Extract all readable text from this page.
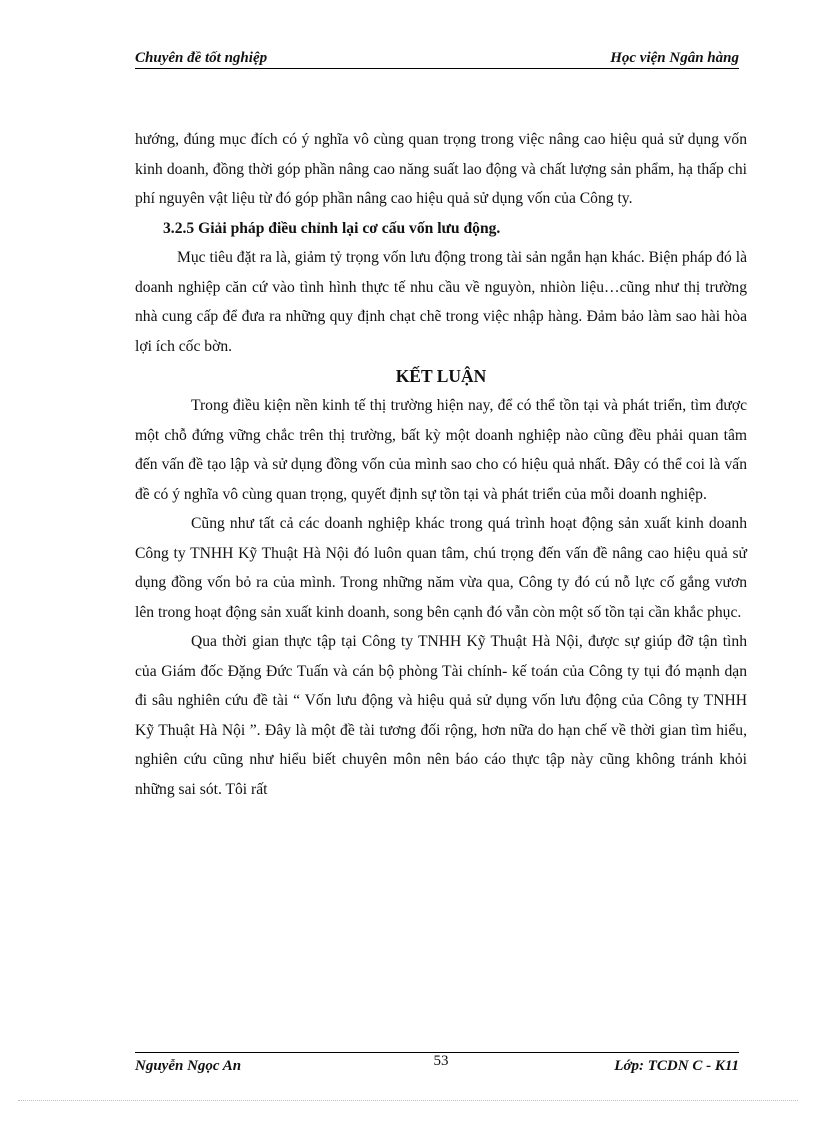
Chuyên đề tốt nghiệp	Học viện Ngân hàng

hướng, đúng mục đích có ý nghĩa vô cùng quan trọng trong việc nâng cao hiệu quả sử dụng vốn kinh doanh, đồng thời góp phần nâng cao năng suất lao động và chất lượng sản phẩm, hạ thấp chi phí nguyên vật liệu từ đó góp phần nâng cao hiệu quả sử dụng vốn của Công ty.

3.2.5 Giải pháp điều chỉnh lại cơ cấu vốn lưu động.

Mục tiêu đặt ra là, giảm tỷ trọng vốn lưu động trong tài sản ngắn hạn khác. Biện pháp đó là doanh nghiệp căn cứ vào tình hình thực tế nhu cầu về nguyòn, nhiòn liệu…cũng như thị trường nhà cung cấp để đưa ra những quy định chạt chẽ trong việc nhập hàng. Đảm bảo làm sao hài hòa lợi ích cốc bờn.

KẾT LUẬN

Trong điều kiện nền kinh tế thị trường hiện nay, để có thể tồn tại và phát triển, tìm được một chỗ đứng vững chắc trên thị trường, bất kỳ một doanh nghiệp nào cũng đều phải quan tâm đến vấn đề tạo lập và sử dụng đồng vốn của mình sao cho có hiệu quả nhất. Đây có thể coi là vấn đề có ý nghĩa vô cùng quan trọng, quyết định sự tồn tại và phát triển của mỗi doanh nghiệp.

Cũng như tất cả các doanh nghiệp khác trong quá trình hoạt động sản xuất kinh doanh Công ty TNHH Kỹ Thuật Hà Nội đó luôn quan tâm, chú trọng đến vấn đề nâng cao hiệu quả sử dụng đồng vốn bỏ ra của mình. Trong những năm vừa qua, Công ty đó cú nỗ lực cố gắng vươn lên trong hoạt động sản xuất kinh doanh, song bên cạnh đó vẫn còn một số tồn tại cần khắc phục.

Qua thời gian thực tập tại Công ty TNHH Kỹ Thuật Hà Nội, được sự giúp đỡ tận tình của Giám đốc Đặng Đức Tuấn và cán bộ phòng Tài chính- kế toán của Công ty tụi đó mạnh dạn đi sâu nghiên cứu đề tài “ Vốn lưu động và hiệu quả sử dụng vốn lưu động của Công ty TNHH Kỹ Thuật Hà Nội ”. Đây là một đề tài tương đối rộng, hơn nữa do hạn chế về thời gian tìm hiểu, nghiên cứu cũng như hiểu biết chuyên môn nên báo cáo thực tập này cũng không tránh khỏi những sai sót. Tôi rất

Nguyễn Ngọc An	53	Lớp: TCDN C - K11
